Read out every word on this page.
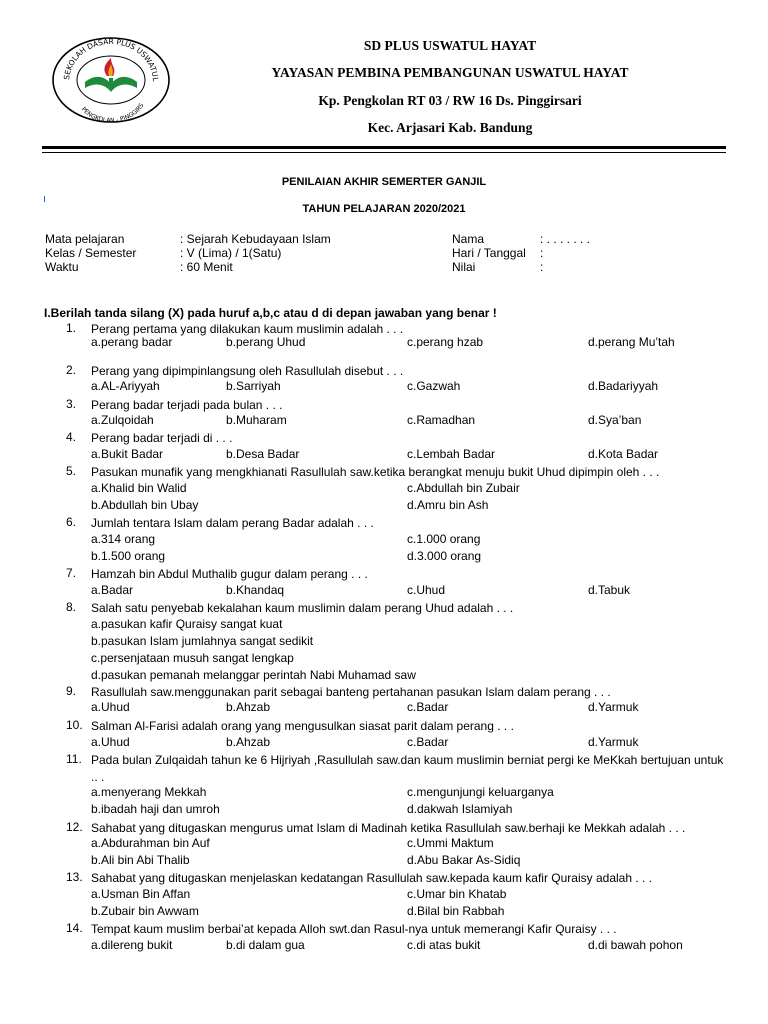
SEKOLAH DASAR PLUS USWATUL
PENGKOLAN - PINGGIRS
SD PLUS USWATUL HAYAT
YAYASAN PEMBINA PEMBANGUNAN USWATUL HAYAT
Kp. Pengkolan RT 03 / RW 16 Ds. Pinggirsari
Kec. Arjasari Kab. Bandung
PENILAIAN AKHIR SEMERTER GANJIL
TAHUN PELAJARAN 2020/2021
Mata pelajaran	: Sejarah Kebudayaan Islam
Kelas / Semester	: V (Lima) / 1(Satu)
Waktu	: 60 Menit
Nama	: . . . . . . .
Hari / Tanggal :
Nilai	:
I.Berilah tanda silang (X) pada huruf a,b,c atau d di depan jawaban yang benar !
1. Perang pertama yang dilakukan kaum muslimin adalah . . .
a.perang badar	b.perang Uhud	c.perang hzab	d.perang Mu’tah
2. Perang yang dipimpinlangsung oleh Rasullulah disebut . . .
a.AL-Ariyyah	b.Sarriyah	c.Gazwah	d.Badariyyah
3. Perang badar terjadi pada bulan . . .
a.Zulqoidah	b.Muharam	c.Ramadhan	d.Sya’ban
4. Perang badar terjadi di . . .
a.Bukit Badar	b.Desa Badar	c.Lembah Badar	d.Kota Badar
5. Pasukan munafik yang mengkhianati Rasullulah saw.ketika berangkat menuju bukit Uhud dipimpin oleh . . .
a.Khalid bin Walid
b.Abdullah bin Ubay
c.Abdullah bin Zubair
d.Amru bin Ash
6. Jumlah tentara Islam dalam perang Badar adalah . . .
a.314 orang
b.1.500 orang
c.1.000 orang
d.3.000 orang
7. Hamzah bin Abdul Muthalib gugur dalam perang . . .
a.Badar	b.Khandaq	c.Uhud	d.Tabuk
8. Salah satu penyebab kekalahan kaum muslimin dalam perang Uhud adalah . . .
a.pasukan kafir Quraisy sangat kuat
b.pasukan Islam jumlahnya sangat sedikit
c.persenjataan musuh sangat lengkap
d.pasukan pemanah melanggar perintah Nabi Muhamad saw
9. Rasullulah saw.menggunakan parit sebagai banteng pertahanan pasukan Islam dalam perang . . .
a.Uhud	b.Ahzab	c.Badar	d.Yarmuk
10. Salman Al-Farisi adalah orang yang mengusulkan siasat parit dalam perang . . .
a.Uhud	b.Ahzab	c.Badar	d.Yarmuk
11. Pada bulan Zulqaidah tahun ke 6 Hijriyah ,Rasullulah saw.dan kaum muslimin berniat pergi ke MeKkah bertujuan untuk .. .
a.menyerang Mekkah
b.ibadah haji dan umroh
c.mengunjungi keluarganya
d.dakwah Islamiyah
12. Sahabat yang ditugaskan mengurus umat Islam di Madinah ketika Rasullulah saw.berhaji ke Mekkah adalah . . .
a.Abdurahman bin Auf
b.Ali bin Abi Thalib
c.Ummi Maktum
d.Abu Bakar As-Sidiq
13. Sahabat yang ditugaskan menjelaskan kedatangan Rasullulah saw.kepada kaum kafir Quraisy adalah . . .
a.Usman Bin Affan
b.Zubair bin Awwam
c.Umar bin Khatab
d.Bilal bin Rabbah
14. Tempat kaum muslim berbai’at kepada Alloh swt.dan Rasul-nya untuk memerangi Kafir Quraisy . . .
a.dilereng bukit	b.di dalam gua	c.di atas bukit	d.di bawah pohon
